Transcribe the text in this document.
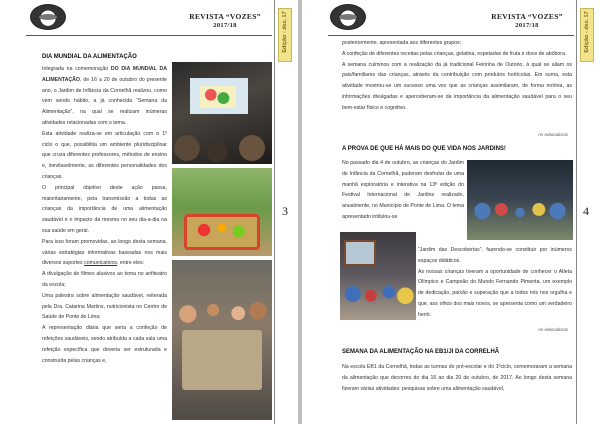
REVISTA “VOZES”
2017/18	Edição - dez. 17
3
DIA MUNDIAL DA ALIMENTAÇÃO

Integrada na comemoração DO DIA MUNDIAL DA ALIMENTAÇÃO, de 16 a 20 de outubro do presente ano, o Jardim de Infância da Cornelhã realizou, como vem sendo hábito, a já conhecida “Semana da Alimentação”, na qual se realizam inúmeras atividades relacionadas com o tema.

Esta atividade realiza-se em articulação com o 1º ciclo o que, possibilita um ambiente pluridisciplinar que cruza diferentes professores, métodos de ensino e, inevitavelmente, as diferentes personalidades dos crianças.

O principal objetivo deste ação passa, maioritariamente, pela transmissão a todas as crianças da importância de uma alimentação saudável e o impacto da mesma no seu dia-a-dia na sua saúde em geral.

Para isso foram promovidas, ao longo desta semana, várias estratégias informativas baseadas nos mais diversos suportes comunicativos, entre eles:

A divulgação de filmes alusivos ao tema no anfiteatro da escola;

Uma palestra sobre alimentação saudável, reiterada pela Dra. Catarina Martins, nutricionista no Centro de Saúde de Ponte de Lima;

A representação diária que seria a confeção de refeições saudáveis, sendo atribuída a cada sala uma refeição específica que deveria ser estruturada e construída pelas crianças e,

REVISTA “VOZES”
2017/18	Edição - dez. 17
4

posteriormente, apresentada aos diferentes grupos;

A confeção de diferentes receitas pelas crianças, gelatina, espetadas de fruta e doce de abóbora.

A semana culminou com a realização da já tradicional Feirinha de Outono, à qual se aliam os pais/familiares das crianças, através da contribuição com produtos hortícolas. Em suma, esta atividade mostrou-se um sucesso uma vez que as crianças assimilaram, de forma notória, as informações divulgadas e aperceberam-se da importância da alimentação saudável para o seu bem-estar físico e cognitivo.

As educadoras
A PROVA DE QUE HÁ MAIS DO QUE VIDA NOS JARDINS!

No passado dia 4 de outubro, as crianças do Jardim de Infância da Cornelhã, puderam desfrutar de uma manhã exploratória e interativa na 13ª edição do Festival Internacional de Jardins realizado, anualmente, no Município de Ponte de Lima. O tema apresentado intitulou-se

“Jardim das Descobertas”, fazendo-se constituir por inúmeros espaços didáticos.

As nossas crianças tiveram a oportunidade de conhecer o Atleta Olímpico e Campeão do Mundo Fernando Pimenta, um exemplo de dedicação, paixão e superação que a todos nós nos orgulha e que, aos olhos dos mais novos, se apresenta como um verdadeiro herói.

As educadoras
SEMANA DA ALIMENTAÇÃO NA EB1/JI DA CORRELHÃ

Na escola EB1 da Cornelhã, todas as turmas do pré-escolar e do 1ºciclo, comemoraram a semana da alimentação que decorreu do dia 16 ao dia 20 de outubro, de 2017. Ao longo desta semana fizeram várias atividades: pesquisas sobre uma alimentação saudável,
